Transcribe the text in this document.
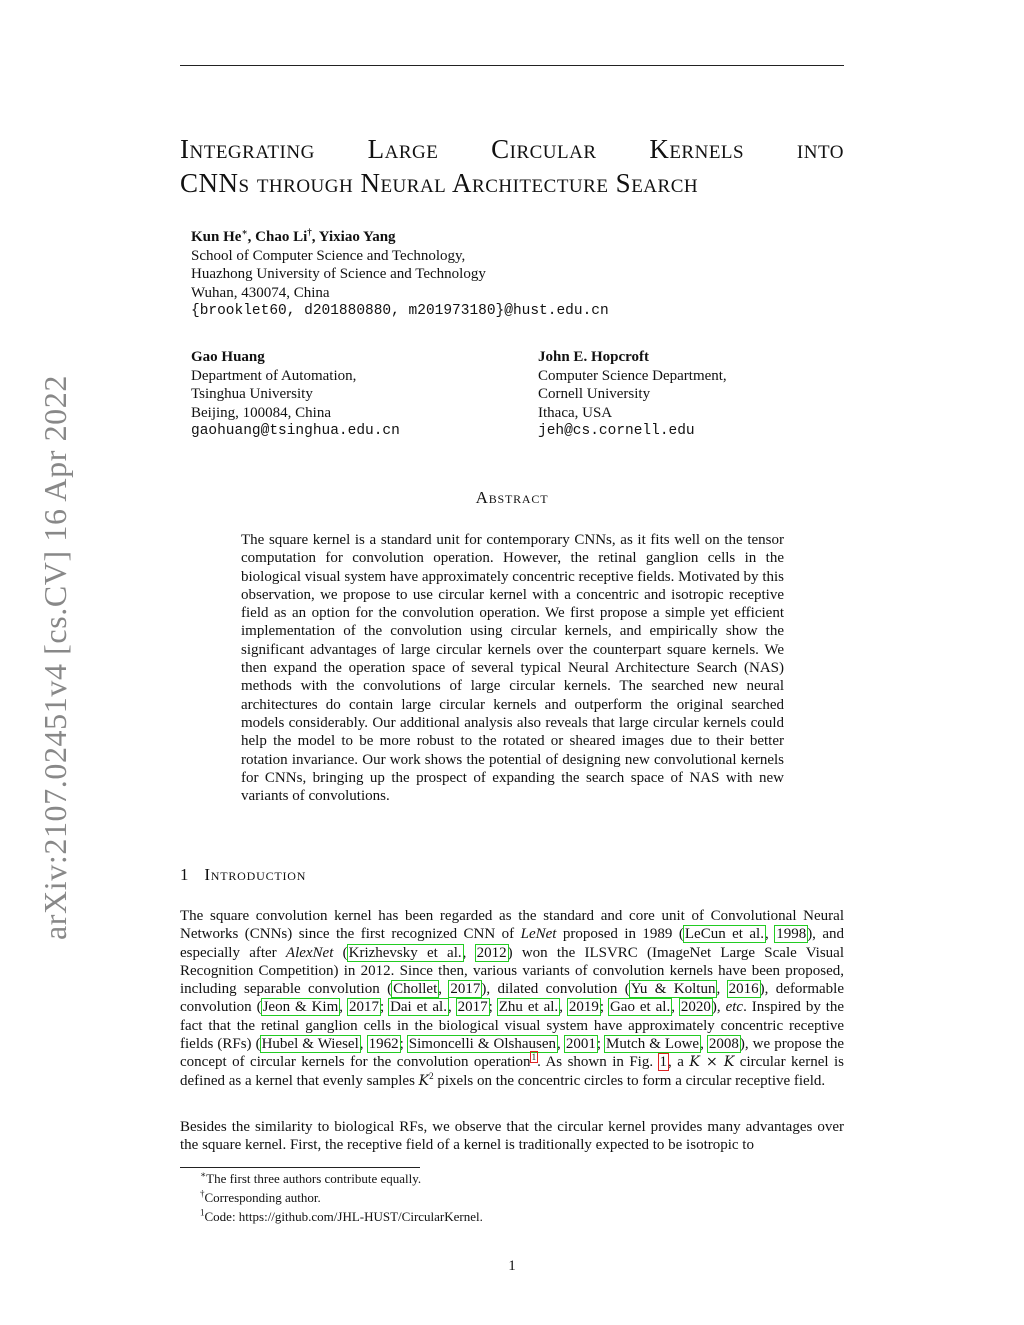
arXiv:2107.02451v4 [cs.CV] 16 Apr 2022
Integrating Large Circular Kernels into
CNNs through Neural Architecture Search
Kun He∗, Chao Li†, Yixiao Yang
School of Computer Science and Technology,
Huazhong University of Science and Technology
Wuhan, 430074, China
{brooklet60, d201880880, m201973180}@hust.edu.cn
Gao Huang
Department of Automation,
Tsinghua University
Beijing, 100084, China
gaohuang@tsinghua.edu.cn
John E. Hopcroft
Computer Science Department,
Cornell University
Ithaca, USA
jeh@cs.cornell.edu
Abstract
The square kernel is a standard unit for contemporary CNNs, as it fits well on the tensor computation for convolution operation. However, the retinal ganglion cells in the biological visual system have approximately concentric receptive fields. Motivated by this observation, we propose to use circular kernel with a concentric and isotropic receptive field as an option for the convolution operation. We first propose a simple yet efficient implementation of the convolution using circular kernels, and empirically show the significant advantages of large circular kernels over the counterpart square kernels. We then expand the operation space of several typical Neural Architecture Search (NAS) methods with the convolutions of large circular kernels. The searched new neural architectures do contain large circular kernels and outperform the original searched models considerably. Our additional analysis also reveals that large circular kernels could help the model to be more robust to the rotated or sheared images due to their better rotation invariance. Our work shows the potential of designing new convolutional kernels for CNNs, bringing up the prospect of expanding the search space of NAS with new variants of convolutions.
1 Introduction
The square convolution kernel has been regarded as the standard and core unit of Convolutional Neural Networks (CNNs) since the first recognized CNN of LeNet proposed in 1989 (LeCun et al., 1998), and especially after AlexNet (Krizhevsky et al., 2012) won the ILSVRC (ImageNet Large Scale Visual Recognition Competition) in 2012. Since then, various variants of convolution kernels have been proposed, including separable convolution (Chollet, 2017), dilated convolution (Yu & Koltun, 2016), deformable convolution (Jeon & Kim, 2017; Dai et al., 2017; Zhu et al., 2019; Gao et al., 2020), etc. Inspired by the fact that the retinal ganglion cells in the biological visual system have approximately concentric receptive fields (RFs) (Hubel & Wiesel, 1962; Simoncelli & Olshausen, 2001; Mutch & Lowe, 2008), we propose the concept of circular kernels for the convolution operation$^1$. As shown in Fig. 1, a K × K circular kernel is defined as a kernel that evenly samples $K^2$ pixels on the concentric circles to form a circular receptive field.
Besides the similarity to biological RFs, we observe that the circular kernel provides many advantages over the square kernel. First, the receptive field of a kernel is traditionally expected to be isotropic to
∗The first three authors contribute equally.
†Corresponding author.
$^1$Code: https://github.com/JHL-HUST/CircularKernel.
1
